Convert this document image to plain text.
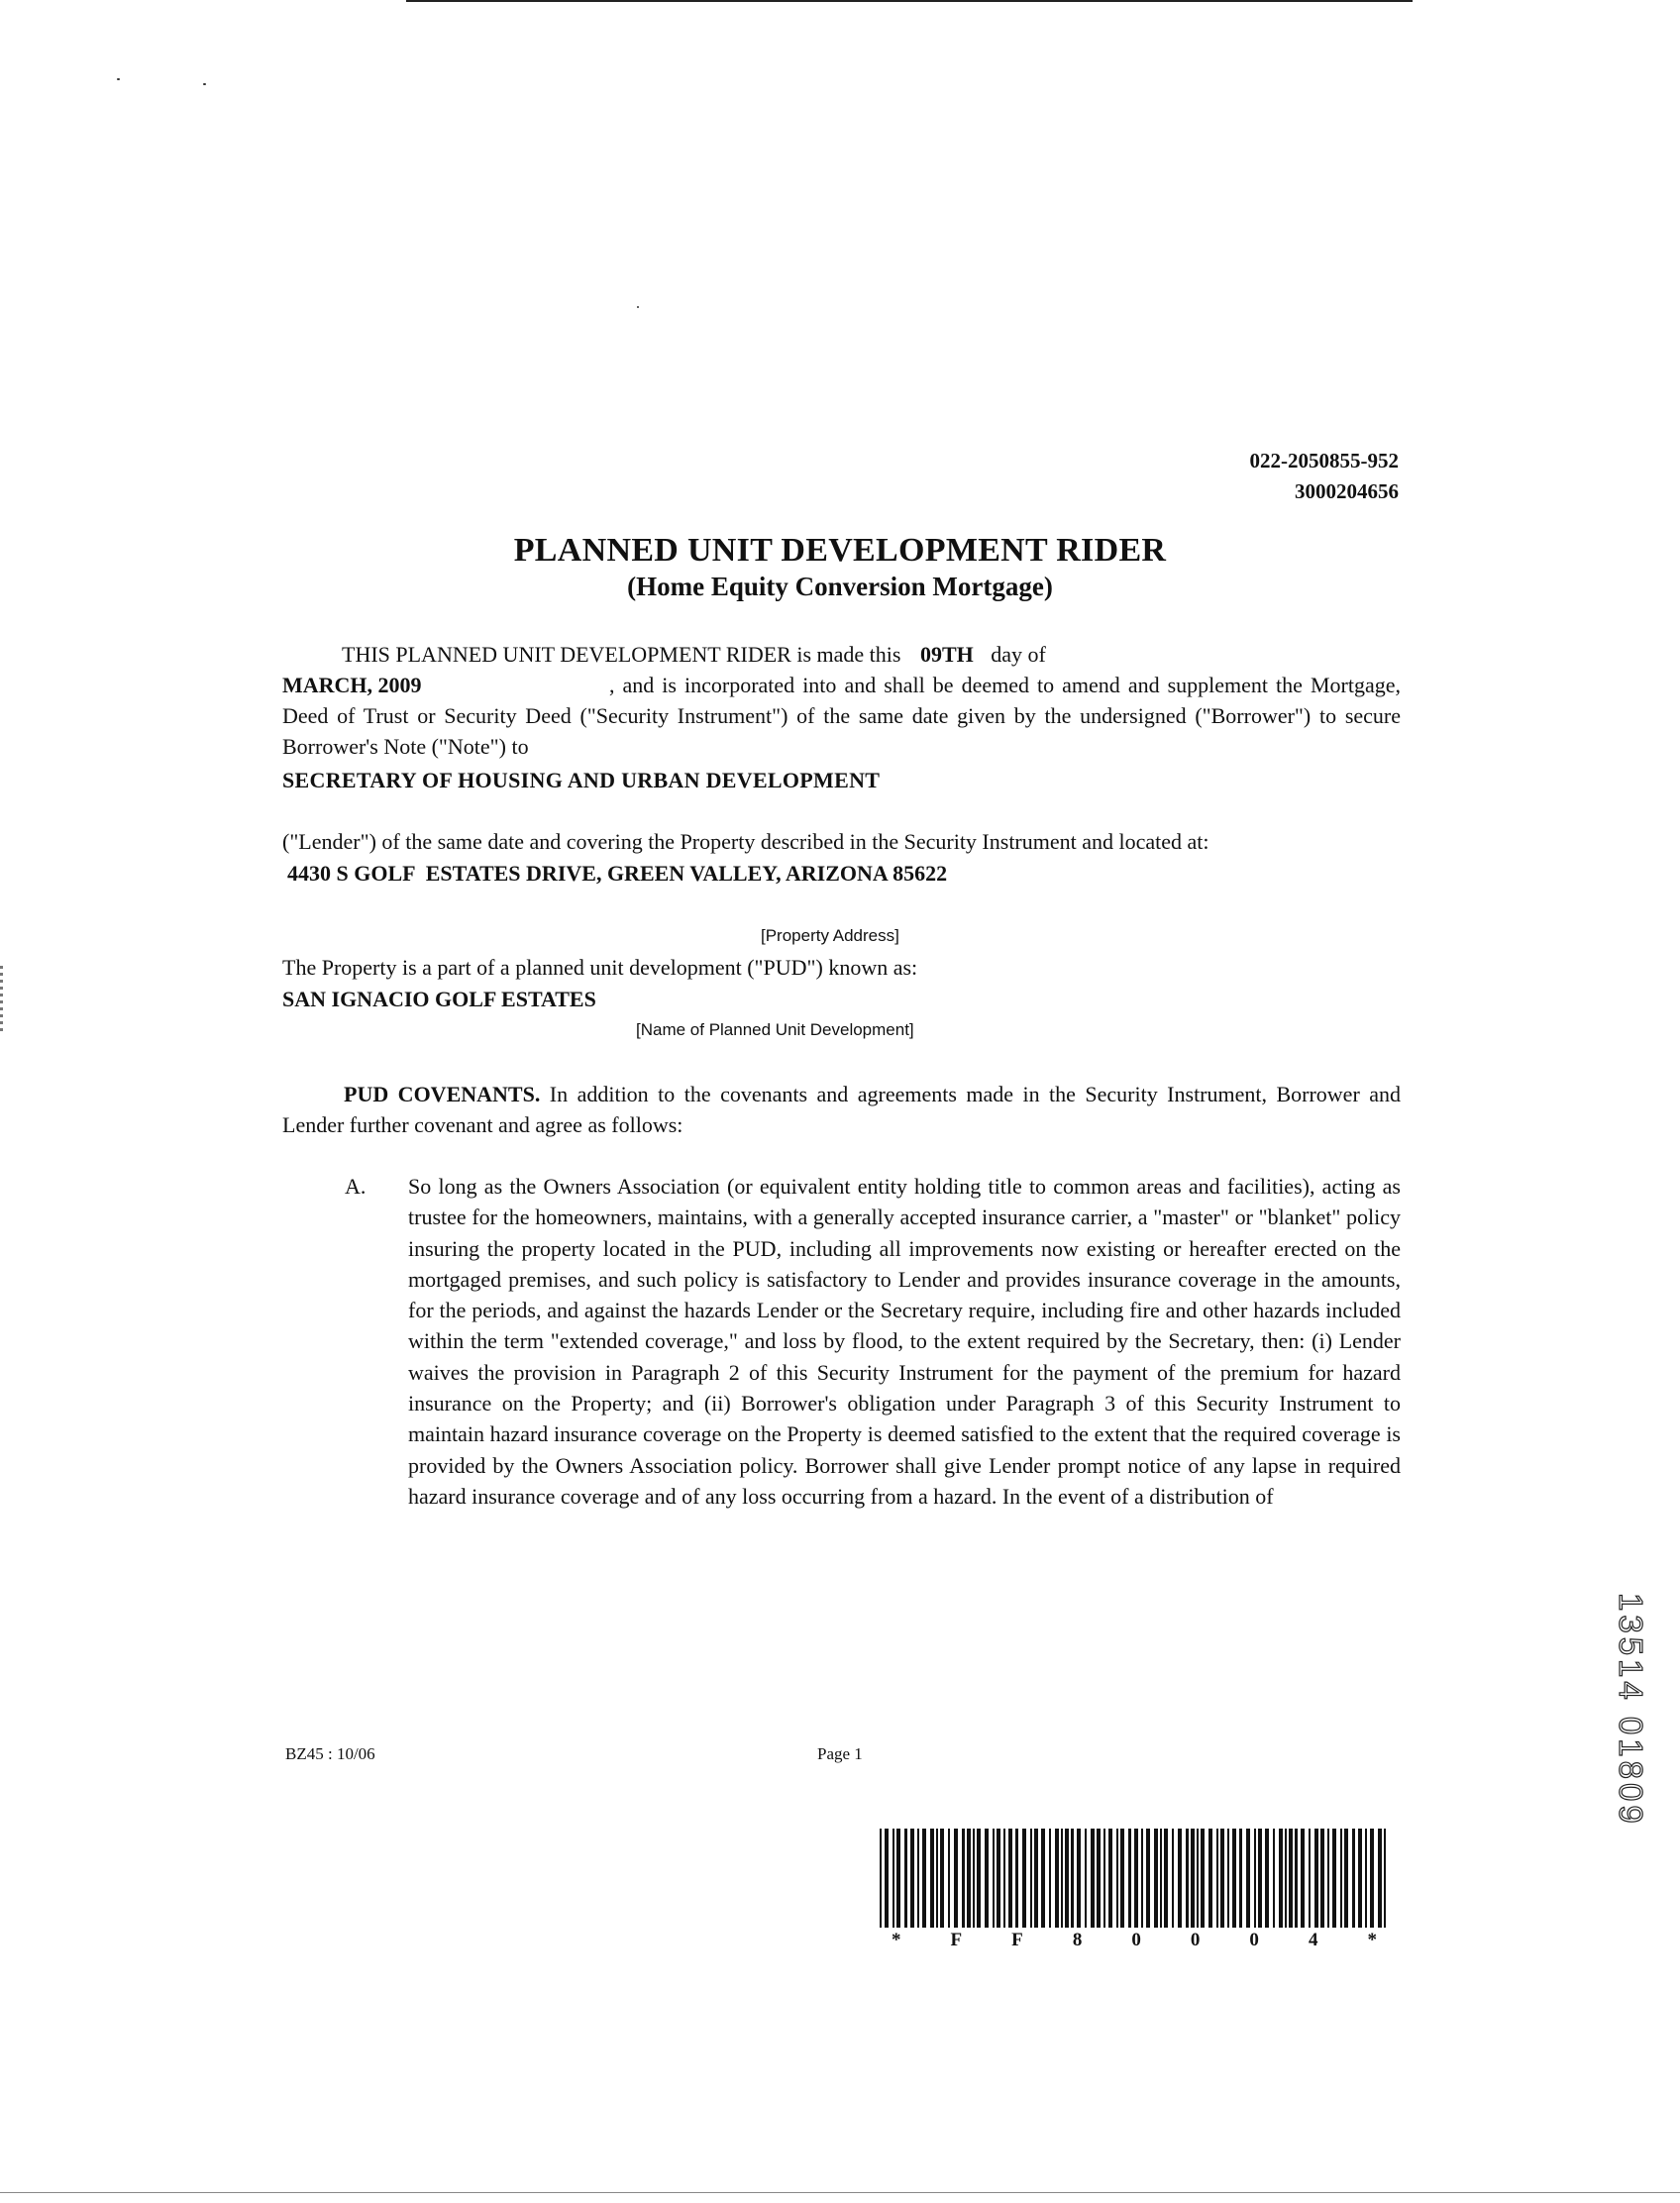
022-2050855-952
3000204656
PLANNED UNIT DEVELOPMENT RIDER
(Home Equity Conversion Mortgage)
THIS PLANNED UNIT DEVELOPMENT RIDER is made this 09TH day of
MARCH, 2009	, and is incorporated into and shall be deemed to amend and supplement the Mortgage, Deed of Trust or Security Deed ("Security Instrument") of the same date given by the undersigned ("Borrower") to secure Borrower's Note ("Note") to
SECRETARY OF HOUSING AND URBAN DEVELOPMENT
("Lender") of the same date and covering the Property described in the Security Instrument and located at:
4430 S GOLF  ESTATES DRIVE, GREEN VALLEY, ARIZONA 85622
[Property Address]
The Property is a part of a planned unit development ("PUD") known as:
SAN IGNACIO GOLF ESTATES
[Name of Planned Unit Development]
PUD COVENANTS. In addition to the covenants and agreements made in the Security Instrument, Borrower and Lender further covenant and agree as follows:
A. So long as the Owners Association (or equivalent entity holding title to common areas and facilities), acting as trustee for the homeowners, maintains, with a generally accepted insurance carrier, a "master" or "blanket" policy insuring the property located in the PUD, including all improvements now existing or hereafter erected on the mortgaged premises, and such policy is satisfactory to Lender and provides insurance coverage in the amounts, for the periods, and against the hazards Lender or the Secretary require, including fire and other hazards included within the term "extended coverage," and loss by flood, to the extent required by the Secretary, then: (i) Lender waives the provision in Paragraph 2 of this Security Instrument for the payment of the premium for hazard insurance on the Property; and (ii) Borrower's obligation under Paragraph 3 of this Security Instrument to maintain hazard insurance coverage on the Property is deemed satisfied to the extent that the required coverage is provided by the Owners Association policy. Borrower shall give Lender prompt notice of any lapse in required hazard insurance coverage and of any loss occurring from a hazard. In the event of a distribution of
BZ45 : 10/06	Page 1
*	F	F	8	0	0	0	4	*
13514 01809
